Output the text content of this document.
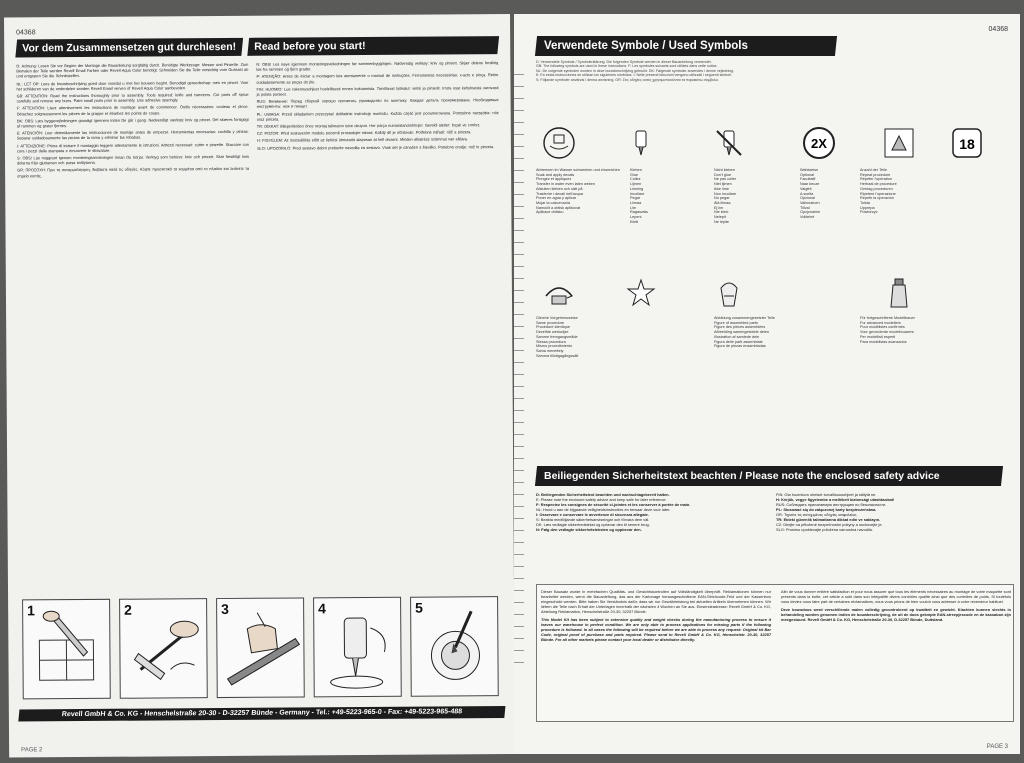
04368
Vor dem Zusammensetzen gut durchlesen!	Read before you start!

D: Achtung: Lesen Sie vor Beginn der Montage die Bauanleitung sorgfältig durch. Benötigte Werkzeuge: Messer und Pinzette. Zum Bemalen der Teile werden Revell Email Farben oder Revell Aqua Color benötigt. Schneiden Sie die Teile vorsichtig vom Gussast ab und entgraten Sie die Schnittstellen.

NL: LET OP: Lees de bouwbeschrijving goed door voordat u met het bouwen begint. Benodigd gereedschap: mes en pincet. Voor het schilderen van de onderdelen worden Revell Email verven of Revell Aqua Color aanbevolen.

GB: ATTENTION: Read the instructions thoroughly prior to assembly. Tools required: knife and tweezers. Cut parts off sprue carefully and remove any burrs. Paint small parts prior to assembly. Use adhesive sparingly.

F: ATTENTION: Lisez attentivement les instructions de montage avant de commencer. Outils nécessaires: couteau et pince. Détachez soigneusement les pièces de la grappe et ébarbez les points de coupe.

DK: OBS: Læs byggevejledningen grundigt igennem inden De går i gang. Nødvendigt værktøj: kniv og pincet. Del skæres forsigtigt af rammen og grater fjernes.

E: ATENCIÓN: Leer detenidamente las instrucciones de montaje antes de empezar. Herramientas necesarias: cuchilla y pinzas. Separar cuidadosamente las piezas de la rama y eliminar las rebabas.

I: ATTENZIONE: Prima di iniziare il montaggio leggere attentamente le istruzioni. Attrezzi necessari: cutter e pinzette. Staccare con cura i pezzi dalla stampata e rimuovere le sbavature.

S: OBS! Läs noggrant igenom monteringsanvisningen innan Du börjar. Verktyg som behövs: kniv och pincett. Skär försiktigt loss delarna från gjutramen och putsa snittytorna.

GR: ΠΡΟΣΟΧΗ: Πριν τη συναρμολόγηση, διαβάστε καλά τις οδηγίες. Κόψτε προσεκτικά τα κομμάτια από το πλαίσιο και λειάνετε τα σημεία κοπής.

N: OBS! Les nøye igjennom monteringsveiledningen før sammenbyggingen. Nødvendig verktøy: kniv og pinsett. Skjær delene forsiktig løs fra rammen og fjern grader.

P: ATENÇÃO: Antes de iniciar a montagem leia atentamente o manual de instruções. Ferramentas necessárias: x-acto e pinça. Retire cuidadosamente as peças do jito.

FIN: HUOMIO: Lue rakennusohjeet huolellisesti ennen kokoamista. Tarvittavat työkalut: veitsi ja pinsetit. Irrota osat kehyksestä varovasti ja poista purseet.

RUS: Внимание: Перед сборкой хорошо прочитать руководство по монтажу. Каждая деталь пронумерована. Необходимые инструменты: нож и пинцет.

PL: UWAGA: Przed składaniem przeczytać dokładnie instrukcję montażu. Każda część jest ponumerowana. Potrzebne narzędzia: nóż oraz pinceta.

TR: DİKKAT: Bileşenlerden önce montaj talimatını iyice okuyun. Her parça numaralandırılmıştır. Gerekli aletler: bıçak ve cımbız.

CZ: POZOR: Před sestavením modelu pozorně prostudujte návod. Každý díl je očíslován. Potřebné nářadí: nůž a pinzeta.

H: FIGYELEM: Az összeállítás előtt az építési útmutatót alaposan át kell olvasni. Minden alkatrész számmal van ellátva.

SLO: UPOZORILO: Pred sestavo dobro preberite navodila za sestavo. Vsak del je označen s številko. Potrebno orodje: nož in pinceta.

1	2	3	4	5
Revell GmbH & Co. KG - Henschelstraße 20-30 - D-32257 Bünde - Germany - Tel.: +49-5223-965-0 - Fax: +49-5223-965-488
PAGE 2
04368
Verwendete Symbole / Used Symbols
D: Verwendete Symbole / Symbolerklärung. Die folgenden Symbole werden in dieser Bauanleitung verwendet.
GB: The following symbols are used in these instructions. F: Les symboles suivants sont utilisés dans cette notice.
NL: De volgende symbolen worden in deze bouwbeschrijving gebruikt. DK: Følgende symboler anvendes i denne vejledning.
E: En estas instrucciones se utilizan los siguientes símbolos. I: Nelle presenti istruzioni vengono utilizzati i seguenti simboli.
S: Följande symboler används i denna anvisning. GR: Στις οδηγίες αυτές χρησιμοποιούνται τα παρακάτω σύμβολα.
2X	18
Abtrennen im Wasser schwenken und einweichen
Soak and apply decals
Plongez et appliquez
Transfer in water even laten weken
Afsluiten kleben och sätt på
Trasferire i decali nell'acqua
Poner en agua y aplicar
Mojar la calcomanía
Namočit a obtisk aplikovat
Aplikace obtisku
Kleben
Glue
Collez
Lijmen
Limning
Incollare
Pegar
Liimaa
Lim
Ragasztás
Lepení
Kleiti
Nicht kleben
Don't glue
Ne pas coller
Niet lijmen
Ikke lime
Non incollare
No pegar
Älä liimaa
Ej lim
Nie kleić
Nelepit
Ne lepite
Wahlweise
Optional
Facultatif
Naar keuze
Valgfrit
A scelta
Opcional
Valinnainen
Tillval
Opcjonalnie
Volitelně
Anzahl der Teile
Repeat procedure
Répéter l'opération
Herhaal de procedure
Gentag proceduren
Ripetere l'operazione
Repetir la operación
Toista
Upprepa
Powtórzyć
Gleiche Vorgehensweise
Same procedure
Procédure identique
Dezelfde werkwijze
Samme fremgangsmåde
Stessa procedura
Mismo procedimiento
Sama menettely
Samma tillvägagångssätt
Abbildung zusammengesetzter Teile
Figure of assembled parts
Figure des pièces assemblées
Afbeelding samengestelde delen
Illustration af samlede dele
Figura delle parti assemblate
Figura de piezas ensambladas
Für fortgeschrittene Modellbauer
For advanced modellers
Pour modélistes confirmés
Voor gevorderde modelbouwers
Per modellisti esperti
Para modelistas avanzados
Beiliegenden Sicherheitstext beachten / Please note the enclosed safety advice
D: Beiliegenden Sicherheitstext beachten und nachschlagebereit halten.
E: Please note the enclosed safety advice and keep safe for later reference.
F: Respectez les consignes de sécurité ci-jointes et les conserver à portée de main.
NL: Houd u aan de bijgaande veiligheidsinstructies en bewaar deze voor later.
I: Osservare e conservare le avvertenze di sicurezza allegate.
S: Beakta medföljande säkerhetsanvisningar och förvara dem väl.
DK: Læs vedlagte sikkerhedstekst og opbevar den til senere brug.
N: Følg den vedlagte sikkerhetsteksten og oppbevar den.
FIN: Ota huomioon oheiset turvallisuusohjeet ja säilytä ne.
H: Kérjük, vegye figyelembe a mellékelt biztonsági utasításokat!
RUS: Соблюдать прилагаемую инструкцию по безопасности.
PL: Stosować się do załączonej karty bezpieczeństwa.
GR: Τηρείτε τις συνημμένες οδηγίες ασφαλείας.
TR: Ekteki güvenlik talimatlarına dikkat edin ve saklayın.
CZ: Dbejte na přiložené bezpečnostní pokyny a uschovejte je.
SLO: Prosimo upoštevajte priložena varnostna navodila.

Dieser Bausatz wurde in mehrfachen Qualitäts- und Gewichtskontrollen auf Vollständigkeit überprüft. Reklamationen können nur bearbeitet werden, wenn die Bauanleitung, das aus der Kartonage herausgeschnittene EAN-Strichcode-Feld und der Kassenbon eingeschickt werden. Bitte haben Sie Verständnis dafür, dass wir nur Gewährleistung bei aktuellen Artikeln übernehmen können. Wir liefern die Teile nach Erhalt der Unterlagen innerhalb der nächsten 4 Wochen an Sie aus. Einsendeadresse: Revell GmbH & Co. KG, Abteilung Reklamation, Henschelstraße 20-30, 32257 Bünde.

This Model Kit has been subject to extensive quality and weight checks during the manufacturing process to ensure it leaves our warehouse in perfect condition. We are only able to process applications for missing parts if the following procedure is followed. In all cases the following will be required before we are able to process any request: Original kit Bar Code, original proof of purchase and parts required. Please send to Revell GmbH & Co. KG, Henschelstr. 20-30, 32257 Bünde. For all other markets please contact your local dealer or distributor directly.

Afin de vous donner entière satisfaction et pour nous assurer que tous les éléments nécessaires au montage de votre maquette sont présents dans la boîte, cet article a subi dans son intégralité divers contrôles qualité ainsi que des contrôles de poids. Si toutefois vous deviez nous faire part de certaines réclamations, nous vous prions de bien vouloir vous adresser à votre revendeur habituel.

Deze bouwdoos werd verschillende malen volledig gecontroleerd op kwaliteit en gewicht. Klachten kunnen slechts in behandeling worden genomen indien de bouwbeschrijving, de uit de doos geknipte EAN-streepjescode en de kassabon zijn meegestuurd. Revell GmbH & Co. KG, Henschelstraße 20-30, D-32257 Bünde, Duitsland.

PAGE 3
